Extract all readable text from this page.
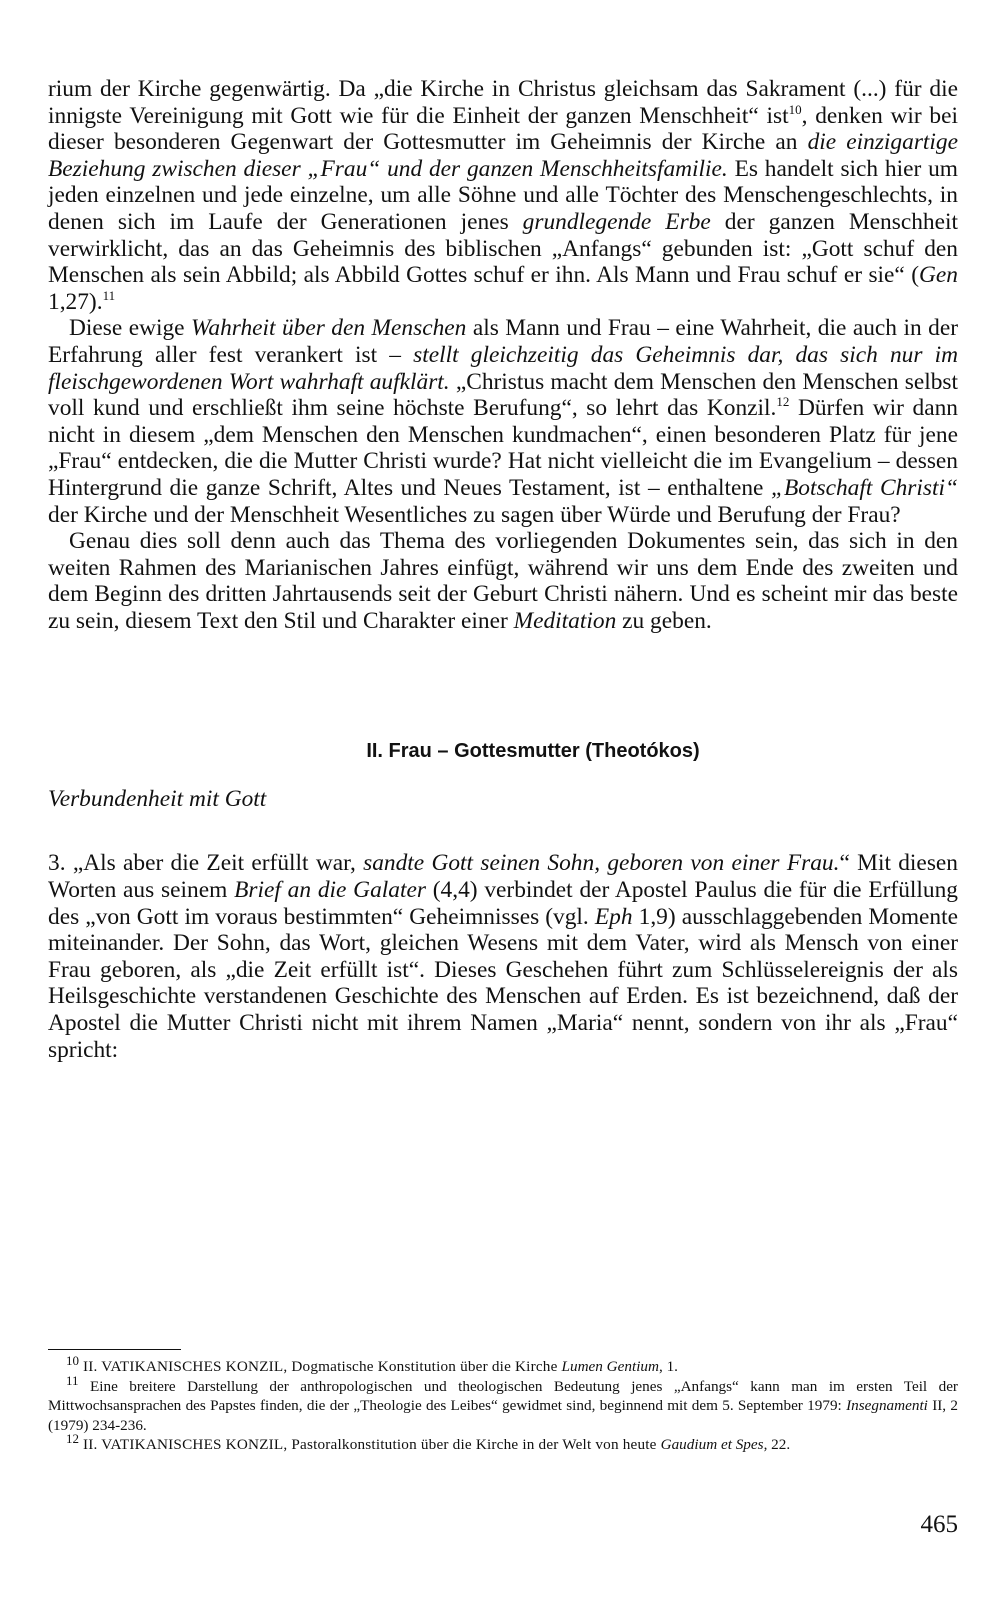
rium der Kirche gegenwärtig. Da „die Kirche in Christus gleichsam das Sakrament (...) für die innigste Vereinigung mit Gott wie für die Einheit der ganzen Menschheit“ ist$^{10}$, denken wir bei dieser besonderen Gegenwart der Gottesmutter im Geheimnis der Kirche an die einzigartige Beziehung zwischen dieser „Frau“ und der ganzen Menschheitsfamilie. Es handelt sich hier um jeden einzelnen und jede einzelne, um alle Söhne und alle Töchter des Menschengeschlechts, in denen sich im Laufe der Generationen jenes grundlegende Erbe der ganzen Menschheit verwirklicht, das an das Geheimnis des biblischen „Anfangs“ gebunden ist: „Gott schuf den Menschen als sein Abbild; als Abbild Gottes schuf er ihn. Als Mann und Frau schuf er sie“ (Gen 1,27).$^{11}$

Diese ewige Wahrheit über den Menschen als Mann und Frau – eine Wahrheit, die auch in der Erfahrung aller fest verankert ist – stellt gleichzeitig das Geheimnis dar, das sich nur im fleischgewordenen Wort wahrhaft aufklärt. „Christus macht dem Menschen den Menschen selbst voll kund und erschließt ihm seine höchste Berufung“, so lehrt das Konzil.$^{12}$ Dürfen wir dann nicht in diesem „dem Menschen den Menschen kundmachen“, einen besonderen Platz für jene „Frau“ entdecken, die die Mutter Christi wurde? Hat nicht vielleicht die im Evangelium – dessen Hintergrund die ganze Schrift, Altes und Neues Testament, ist – enthaltene „Botschaft Christi“ der Kirche und der Menschheit Wesentliches zu sagen über Würde und Berufung der Frau?

Genau dies soll denn auch das Thema des vorliegenden Dokumentes sein, das sich in den weiten Rahmen des Marianischen Jahres einfügt, während wir uns dem Ende des zweiten und dem Beginn des dritten Jahrtausends seit der Geburt Christi nähern. Und es scheint mir das beste zu sein, diesem Text den Stil und Charakter einer Meditation zu geben.

II. Frau – Gottesmutter (Theotókos)
Verbundenheit mit Gott

3. „Als aber die Zeit erfüllt war, sandte Gott seinen Sohn, geboren von einer Frau.“ Mit diesen Worten aus seinem Brief an die Galater (4,4) verbindet der Apostel Paulus die für die Erfüllung des „von Gott im voraus bestimmten“ Geheimnisses (vgl. Eph 1,9) ausschlaggebenden Momente miteinander. Der Sohn, das Wort, gleichen Wesens mit dem Vater, wird als Mensch von einer Frau geboren, als „die Zeit erfüllt ist“. Dieses Geschehen führt zum Schlüsselereignis der als Heilsgeschichte verstandenen Geschichte des Menschen auf Erden. Es ist bezeichnend, daß der Apostel die Mutter Christi nicht mit ihrem Namen „Maria“ nennt, sondern von ihr als „Frau“ spricht:

$^{10}$ II. VATIKANISCHES KONZIL, Dogmatische Konstitution über die Kirche Lumen Gentium, 1.

$^{11}$ Eine breitere Darstellung der anthropologischen und theologischen Bedeutung jenes „Anfangs“ kann man im ersten Teil der Mittwochsansprachen des Papstes finden, die der „Theologie des Leibes“ gewidmet sind, beginnend mit dem 5. September 1979: Insegnamenti II, 2 (1979) 234-236.

$^{12}$ II. VATIKANISCHES KONZIL, Pastoralkonstitution über die Kirche in der Welt von heute Gaudium et Spes, 22.

465
